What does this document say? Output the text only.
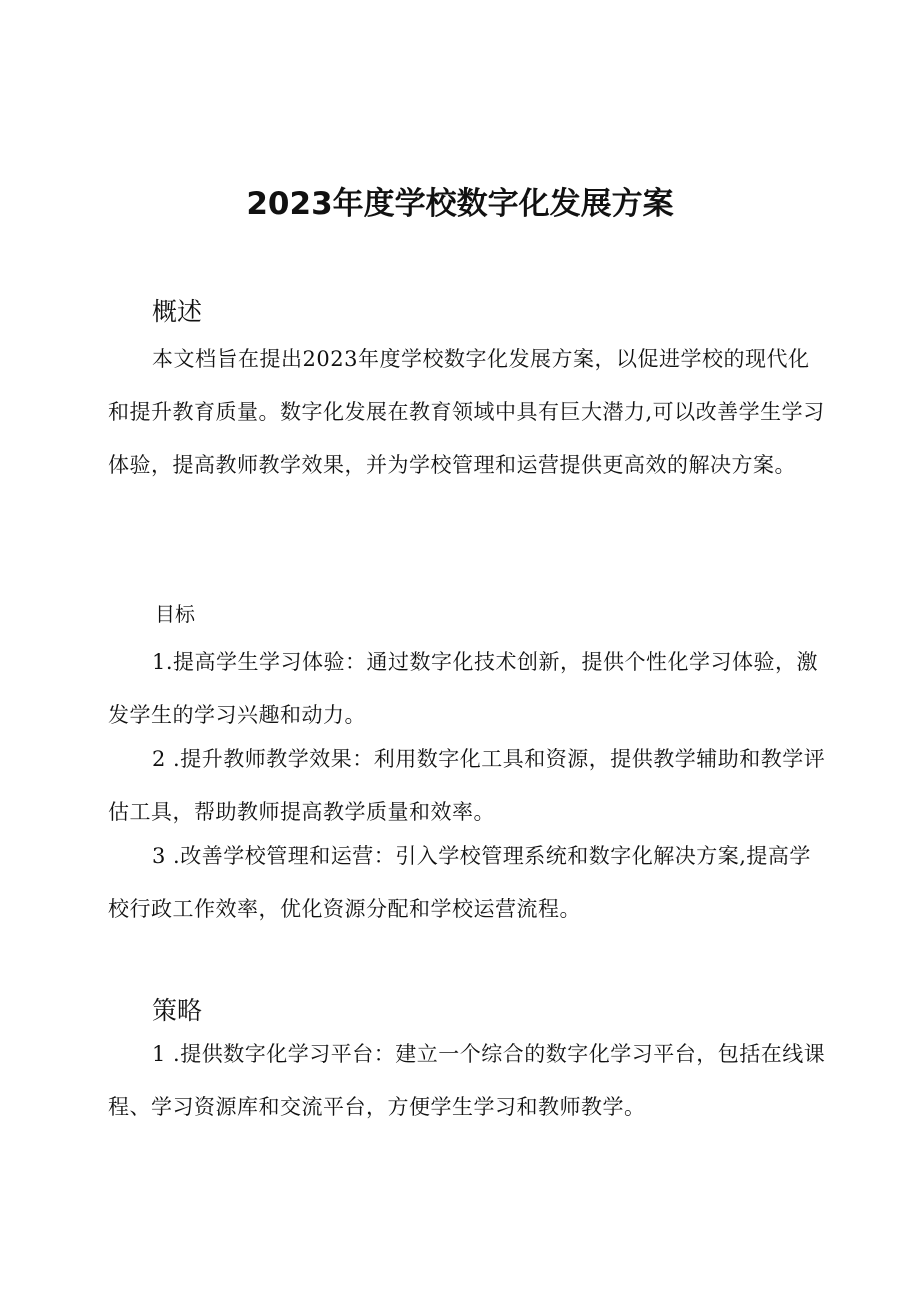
2023年度学校数字化发展方案
概述
本文档旨在提出2023年度学校数字化发展方案，以促进学校的现代化和提升教育质量。数字化发展在教育领域中具有巨大潜力,可以改善学生学习体验，提高教师教学效果，并为学校管理和运营提供更高效的解决方案。
目标
1.提高学生学习体验：通过数字化技术创新，提供个性化学习体验，激发学生的学习兴趣和动力。
2 .提升教师教学效果：利用数字化工具和资源，提供教学辅助和教学评估工具，帮助教师提高教学质量和效率。
3 .改善学校管理和运营：引入学校管理系统和数字化解决方案,提高学校行政工作效率，优化资源分配和学校运营流程。
策略
1 .提供数字化学习平台：建立一个综合的数字化学习平台，包括在线课程、学习资源库和交流平台，方便学生学习和教师教学。
